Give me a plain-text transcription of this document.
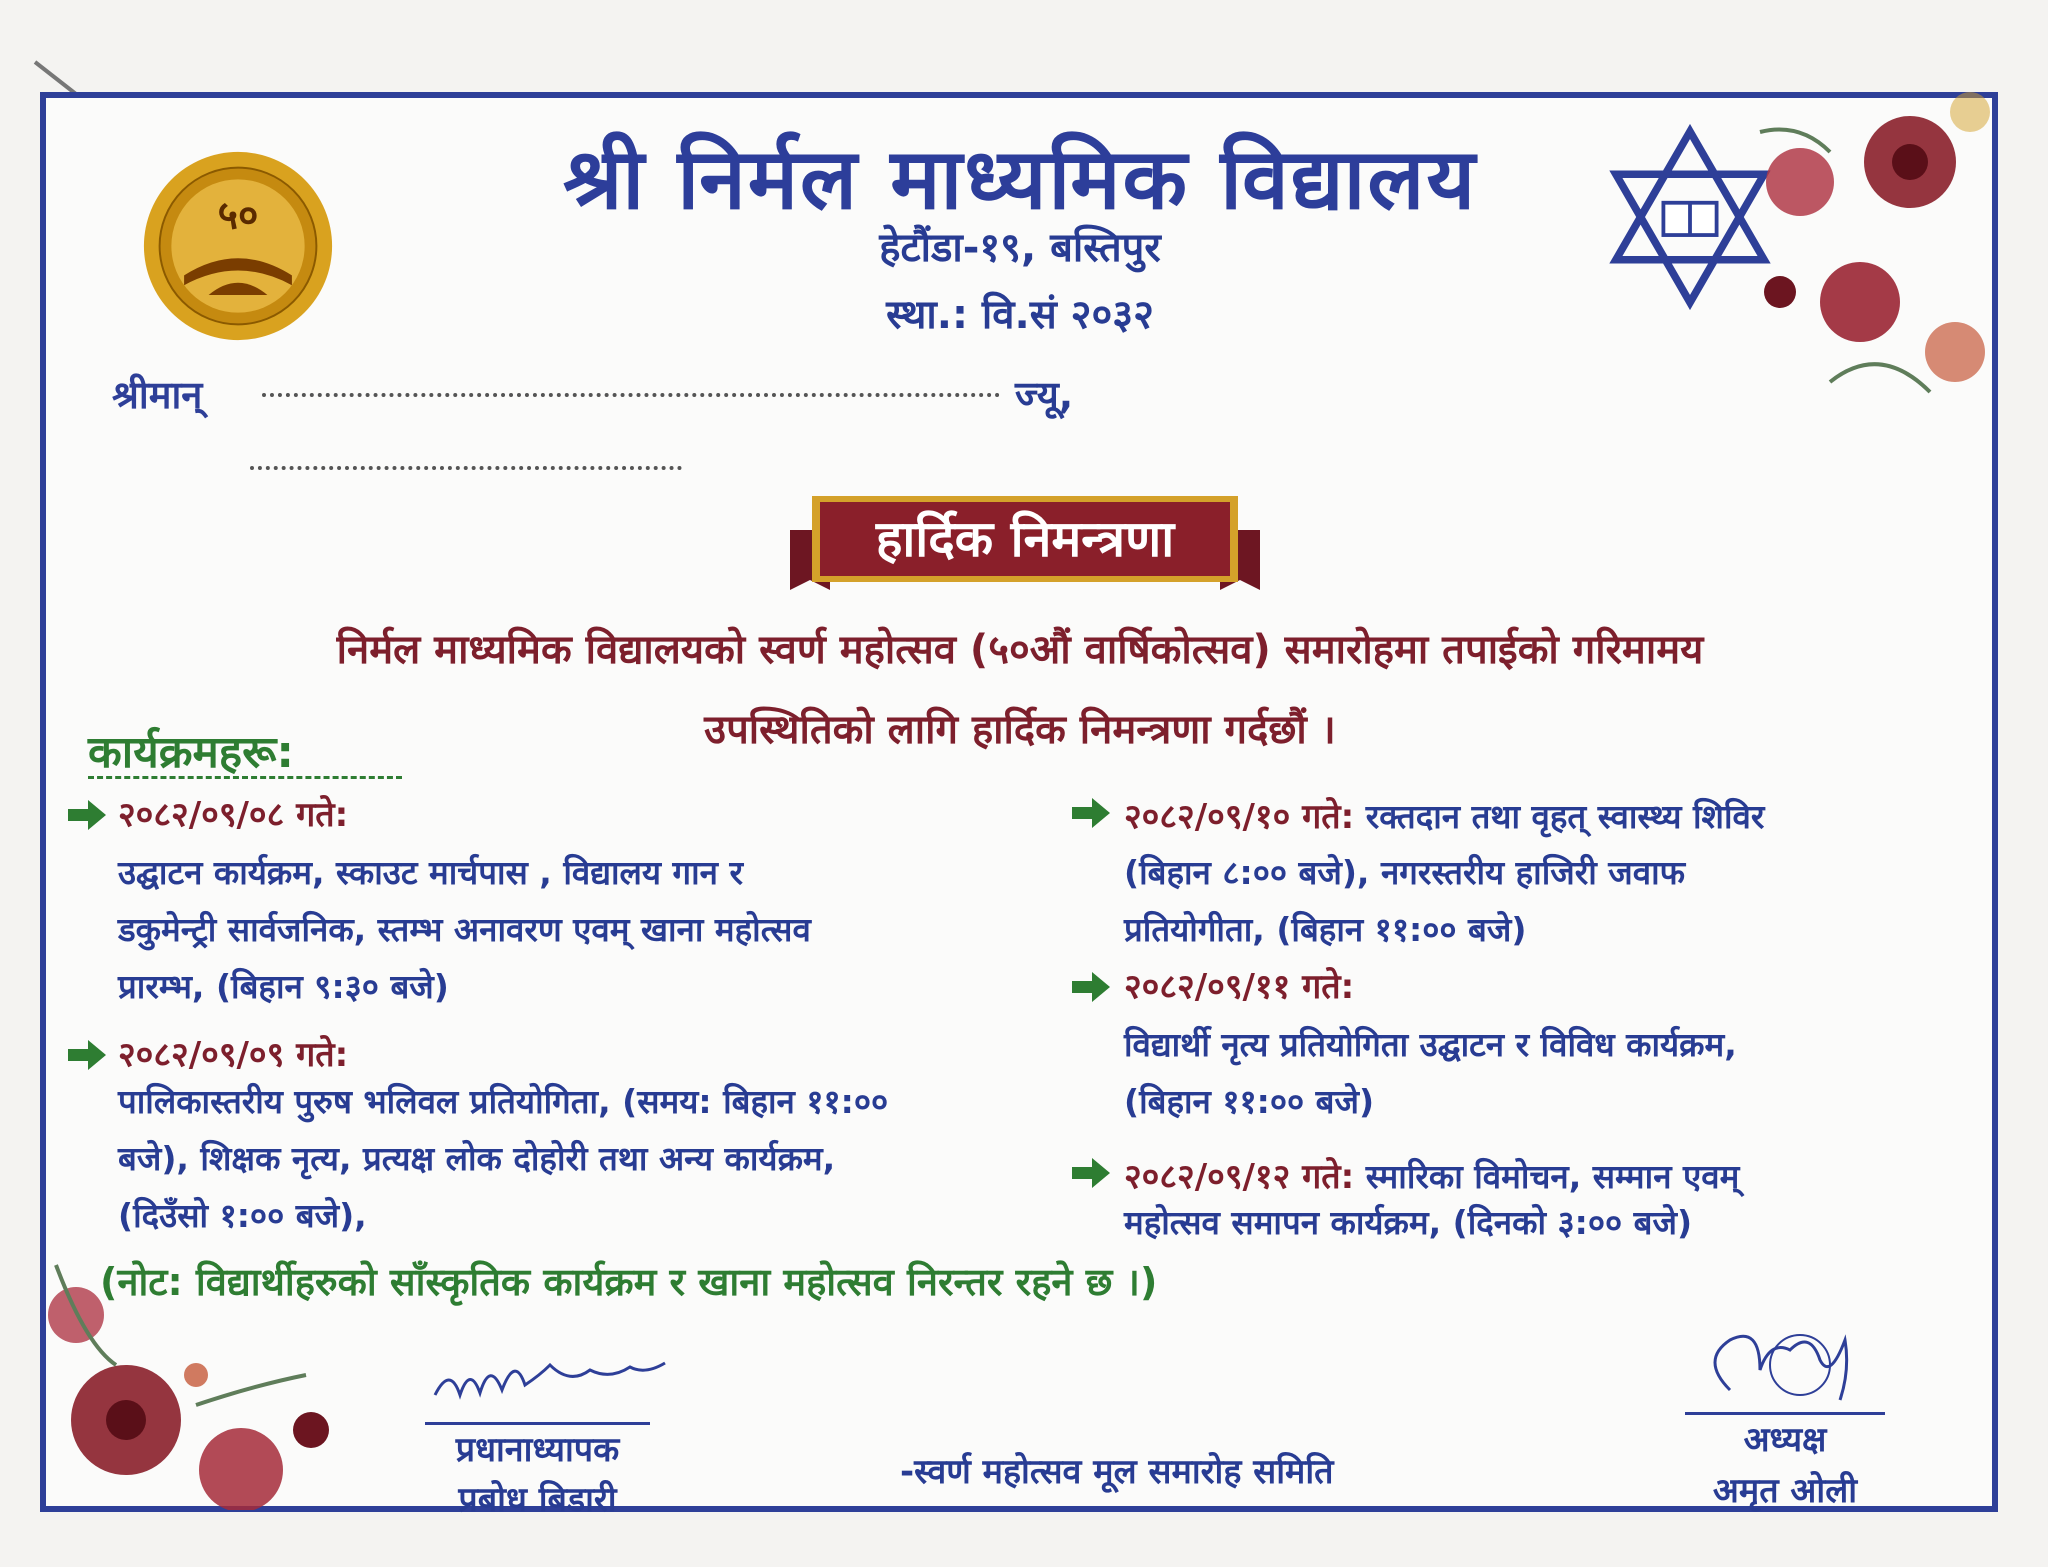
५०	श्री निर्मल माध्यमिक विद्यालय
हेटौंडा-१९, बस्तिपुर
स्था.: वि.सं २०३२
श्रीमान्	ज्यू,
हार्दिक निमन्त्रणा
निर्मल माध्यमिक विद्यालयको स्वर्ण महोत्सव (५०औं वार्षिकोत्सव) समारोहमा तपाईको गरिमामय
उपस्थितिको लागि हार्दिक निमन्त्रणा गर्दछौं ।
कार्यक्रमहरू:
२०८२/०९/०८ गते:
उद्घाटन कार्यक्रम, स्काउट मार्चपास , विद्यालय गान र
डकुमेन्ट्री सार्वजनिक, स्तम्भ अनावरण एवम् खाना महोत्सव
प्रारम्भ, (बिहान ९:३० बजे)
२०८२/०९/०९ गते:
पालिकास्तरीय पुरुष भलिवल प्रतियोगिता, (समय: बिहान ११:००
बजे), शिक्षक नृत्य, प्रत्यक्ष लोक दोहोरी तथा अन्य कार्यक्रम,
(दिउँसो १:०० बजे),
२०८२/०९/१० गते: रक्तदान तथा वृहत् स्वास्थ्य शिविर
(बिहान ८:०० बजे), नगरस्तरीय हाजिरी जवाफ
प्रतियोगीता, (बिहान ११:०० बजे)
२०८२/०९/११ गते:
विद्यार्थी नृत्य प्रतियोगिता उद्घाटन र विविध कार्यक्रम,
(बिहान ११:०० बजे)
२०८२/०९/१२ गते: स्मारिका विमोचन, सम्मान एवम्
महोत्सव समापन कार्यक्रम, (दिनको ३:०० बजे)
(नोट: विद्यार्थीहरुको साँस्कृतिक कार्यक्रम र खाना महोत्सव निरन्तर रहने छ ।)
प्रधानाध्यापक
प्रबोध बिडारी
-स्वर्ण महोत्सव मूल समारोह समिति
अध्यक्ष
अमृत ओली
